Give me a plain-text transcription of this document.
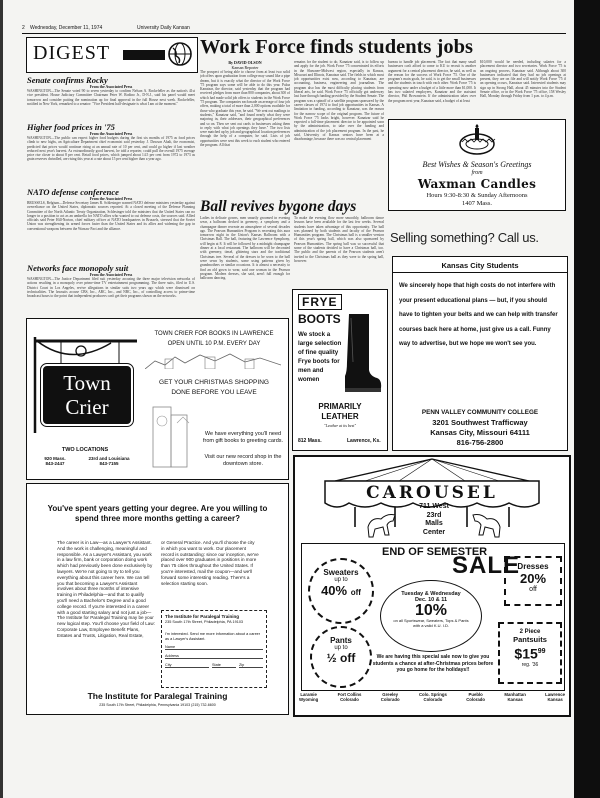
2 Wednesday, December 11, 1974	University Daily Kansan
DIGEST
Senate confirms Rocky
From the Associated Press
WASHINGTON—The Senate voted 90 to seven yesterday to confirm Nelson A. Rockefeller as the nation's 41st vice president. House Judiciary Committee Chairman Peter W. Rodino Jr., D-N.J., said his panel would meet tomorrow and consider putting the nomination up for final approval in the full House next week. Rockefeller, notified in New York, remarked to a senator: "Vice President half-designate is what I am at the moment."
Higher food prices in '75
From the Associated Press
WASHINGTON—The public can expect higher food budgets during the first six months of 1975 as food prices climb to new highs, an Agriculture Department chief economist said yesterday. J. Dawson Ahalt, the economist, predicted that prices would continue rising at an annual rate of 10 per cent, and could go higher if last weather reduced next year's harvest. As extraordinarily good harvest, he told a reporter, could pull the overall 1975 average price rise closer to about 8 per cent. Retail food prices, which jumped about 14.5 per cent from 1972 to 1973 as grain reserves dwindled, are rising this year at a rate about 15 per cent higher than a year ago.
NATO defense conference
From the Associated Press
BRUSSELS, Belgium—Defense Secretary James R. Schlesinger warned NATO defense ministers yesterday against overreliance on the United States, diplomatic sources reported. At a closed meeting of the Defense Planning Committee of the North Atlantic Treaty Organization, Schlesinger told the ministers that the United States can no longer in a position to act as an umbrella for NATO allies who wanted to cut defense costs, the sources said. Allied officials said Peter Hill-Norton, chief military officer at NATO headquarters in Brussels, stressed that the Soviet Union was strengthening its armed forces faster than the United States and its allies and widening the gap in conventional weapons between the Warsaw Pact and the alliance.
Networks face monopoly suit
From the Associated Press
WASHINGTON—The Justice Department filed suit yesterday accusing the three major television networks of actions resulting in a monopoly over prime-time TV entertainment programming. The three suits, filed in U.S. District Court in Los Angeles, revive allegations in similar suits two years ago which were dismissed on technicalities. The lawsuits accuse CBS, Inc., ABC, Inc., and NBC, Inc., of controlling access to prime-time broadcast hours to the point that independent producers can't get their programs shown on the networks.
Work Force finds students jobs
By DAVID OLSON
Kansan Reporter
The prospect of being able to choose from at least two solid job offers upon graduation from college may sound like a pipe dream, but it is exactly what the director of the Work Force '75 program says some will be able to do this year. Paloa Kanatzar, the director, said yesterday that the program had received pledges from more than 800 companies, about 300 of which had made solid job offers to students in the Work Force '75 program. The companies each made an average of four job offers, making a total of more than 2,000 options available for those who graduate this year, he said. "We sent out mailings to students," Kanatzar said, "and found nearly what they were majoring in, their addresses, their geographical preferences and so on. Then we sent out cards to businesses asking them to reply with what job openings they have." The two lists were matched up by job and geographical location preferences through the help of a computer, he said. Lists of job opportunities were sent this week to each student who entered the program. All that
remains for the student to do, Kanatzar said, is to follow up and apply for the job. Work Force '75 concentrated its efforts in the Shawnee-Midwest region, especially in Kansas, Missouri and Illinois, Kanatzar said. The fields in which most job opportunities exist now, according to Kanatzar, are accounting, business, engineering and journalism. The program also has the most difficulty placing students from liberal arts, he said. Work Force '75 officially got underway last June through funding provided by the Student Senate. The program was a spinoff of a satellite program sponsored by the career classes of 1974 to find job opportunities in Kansas. A limitation in funding, according to Kanatzar, was the reason for the narrow scope of the original program. The future of Work Force '75 looks bright, however. Kanatzar said he expected a full-time placement director to be appointed soon by the administration, to take over the funding and administration of the job placement program. In the past, he said, University of Kansas seniors have been at a disadvantage, because there was no central placement
bureau to handle job placement. The fact that many small businesses can't afford to come to KU to recruit is another argument for a central placement director, he said, as well as the reason for the success of Work Force '75. One of the program's main goals, he said, is to get the small businesses and the students in touch with each other. Work Force '75 is operating now under a budget of a little more than $1,000. It has two salaried employees, Kanatzar and the assistant director, Phil Brownstein. If the administration takes over the program next year, Kanatzar said, a budget of at least
$10,000 would be needed, including salaries for a placement director and two secretaries. Work Force '75 is an ongoing process, Kanatzar said. Although about 300 businesses indicated that they had no job openings at present, they are on file and will notify Work Force '75 if an opening occurs, Kanatzar said. Interested students may sign up in Strong Hall, about 45 minutes into the Student Senate office, or in the Work Force '75 office, 158 Wesley Hall, Monday through Friday from 1 p.m. to 4 p.m.
Best Wishes & Season's Greetings
from
Waxman Candles
Hours 9:30-8:30 & Sunday Afternoons
1407 Mass.
Selling something? Call us.
Ball revives bygone days
Ladies in delicate gowns, men smartly groomed in evening wear, a ballroom decked in greenery, a symphony and a champagne dinner recreate an atmosphere of several decades ago. The Pearson Humanities Program is recreating this aura tomorrow night in the Union's Kansas Ballroom with a Christmas Ball. The ball, featuring the Lawrence Symphony, will begin at 8. It will be followed by a midnight champagne dinner at a local restaurant. The ballroom will be decorated with greenery, tinsel, glittering stars and the traditional Christmas tree. Several of the dresses to be worn to the ball were sewn by students, some using patterns given by grandmothers or similar occasions. It is almost a necessity to find an old gown to wear, said one woman in the Pearson program. Modern dresses, she said, aren't full enough for ballroom dancing.
To make the evening flow more smoothly, ballroom dance lessons have been available for the last few weeks. Several students have taken advantage of this opportunity. The ball was planned by both students and faculty of the Pearson Humanities program. The Christmas ball is a smaller version of this year's spring ball, which was also sponsored by Pearson Humanities. The spring ball was so successful that some of the students decided to have a Christmas ball, too. The public and the parents of the Pearson students aren't invited to the Christmas ball as they were to the spring ball, however.
TOWN CRIER FOR BOOKS IN LAWRENCE
OPEN UNTIL 10 P.M. EVERY DAY
GET YOUR CHRISTMAS SHOPPING
DONE BEFORE YOU LEAVE
Town
Crier
TWO LOCATIONS
920 Mass.
843-2447
23rd and Louisiana
843-7155
We have everything you'll need from gift books to greeting cards.
Visit our new record shop in the downtown store.
FRYE
BOOTS
We stock a large selection of fine quality Frye boots for men and women
PRIMARILY
LEATHER
"Leather at its best"
812 Mass.	Lawrence, Ks.
Kansas City Students
We sincerely hope that high costs do not interfere with your present educational plans — but, if you should have to tighten your belts and we can help with transfer courses back here at home, just give us a call. Funny way to advertise, but we hope we won't see you.
PENN VALLEY COMMUNITY COLLEGE
3201 Southwest Trafficway
Kansas City, Missouri 64111
816-756-2800
You've spent years getting your degree. Are you willing to spend three more months getting a career?
The career is in Law—as a Lawyer's Assistant. And the work is challenging, meaningful and responsible. As a Lawyer's Assistant, you work in a law firm, bank or corporation doing work which had previously been done exclusively by lawyers. We're not going to try to tell you everything about this career here. We can tell you that becoming a Lawyer's Assistant involves about three months of intensive training in Philadelphia—and that to qualify you'll need a Bachelor's Degree and a good college record. If you're interested in a career with a good starting salary and not just a job—The Institute for Paralegal Training may be your new logical step. You'll choose your field of Law: Corporate Law, Employee Benefit Plans, Estates and Trusts, Litigation, Real Estate,
or General Practice. And you'll choose the city in which you want to work. Our placement record is outstanding: since our inception, we've placed over 900 graduates in positions in more than 75 cities throughout the United States. If you're interested, mail the coupon—and we'll forward some interesting reading. There's a selection starting soon.
The Institute for Paralegal Training
235 South 17th Street, Philadelphia, PA 19103
I'm interested. Send me more information about a career as a Lawyer's Assistant.
Name
Address
City	State	Zip
The Institute for Paralegal Training
235 South 17th Street, Philadelphia, Pennsylvania 19103 (215) 732-6600
CAROUSEL
711 West
23rd
Malls
Center
END OF SEMESTER
SALE
Sweaters
up to
40% off
Dresses
20%
off
Tuesday & Wednesday
Dec. 10 & 11
10%
on all Sportswear, Sweaters, Tops & Pants with a valid K.U. I.D.
Pants
up to
½ off
2 Piece
Pantsuits
$\$15^{99}$
reg. '36
We are having this special sale now to give you students a chance at after-Christmas prices before you go home for the holidays!!
Laramie
Wyoming
Fort Collins
Colorado
Greeley
Colorado
Colo. Springs
Colorado
Pueblo
Colorado
Manhattan
Kansas
Lawrence
Kansas
